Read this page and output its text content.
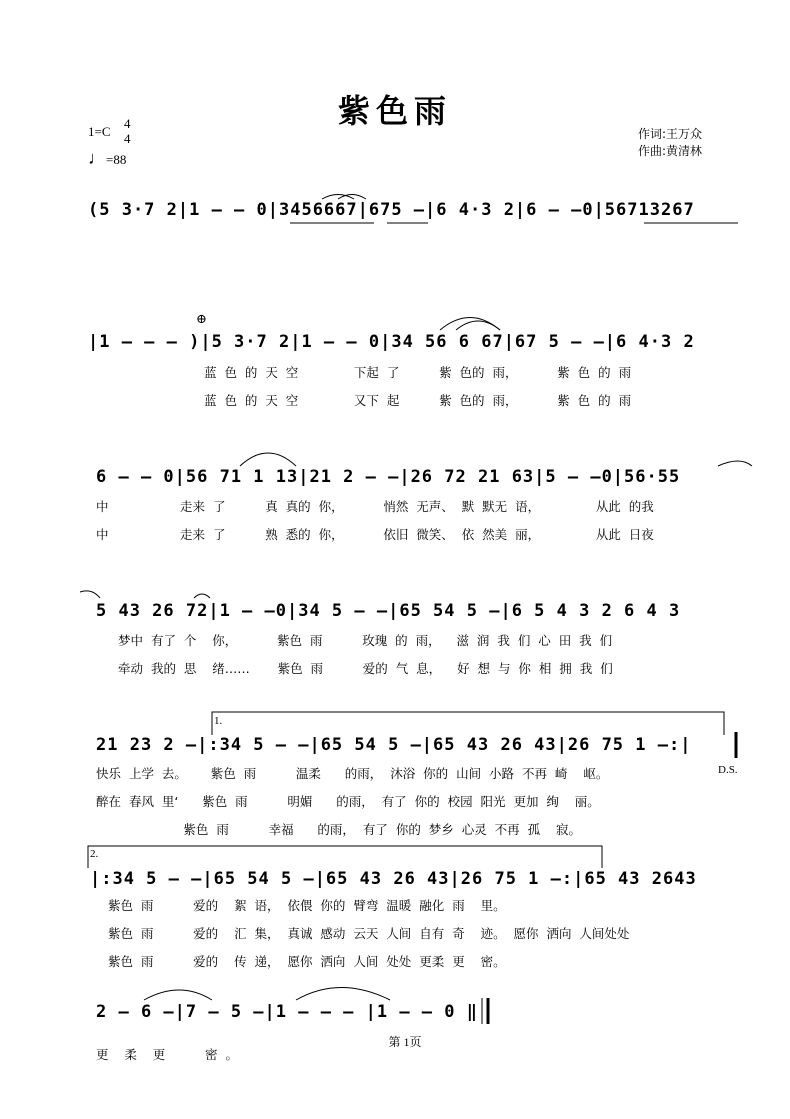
紫色雨
1=C
4
4
♩=88
作词:王万众
作曲:黄清林
(5 3·7 2|1 – – 0|3456667|675 –|6 4·3 2|6 – –0|56713267
⊕
|1 – – – )|5 3·7 2|1 – – 0|34 56 6 67|67 5 – –|6 4·3 2
蓝  色  的  天  空              下起  了          紫  色的  雨，          紫  色  的  雨
蓝  色  的  天  空              又下  起          紫  色的  雨，          紫  色  的  雨
6 – – 0|56 71 1 13|21 2 – –|26 72 21 63|5 – –0|56·55
中                  走来  了          真  真的  你，          悄然  无声、  默  默无  语，              从此  的我
中                  走来  了          熟  悉的  你，          依旧  微笑、  依  然美  丽，              从此  日夜
5 43 26 72|1 – –0|34 5 – –|65 54 5 –|6 5 4 3 2 6 4 3
梦中  有了  个    你，          紫色  雨          玫瑰  的  雨，    滋  润  我  们  心  田  我  们
牵动  我的  思    绪……       紫色  雨          爱的  气  息，    好  想  与  你  相  拥  我  们
1.
21 23 2 –|:34 5 – –|65 54 5 –|65 43 26 43|26 75 1 –:|
D.S.
快乐  上学  去。      紫色  雨          温柔      的雨，  沐浴  你的  山间  小路  不再  崎    岖。
醉在  春风  里‘      紫色  雨          明媚      的雨，  有了  你的  校园  阳光  更加  绚    丽。
紫色  雨          幸福      的雨，  有了  你的  梦乡  心灵  不再  孤    寂。
2.
|:34 5 – –|65 54 5 –|65 43 26 43|26 75 1 –:|65 43 2643
紫色  雨          爱的    絮  语，  依偎  你的  臂弯  温暖  融化  雨    里。
紫色  雨          爱的    汇  集，  真诚  感动  云天  人间  自有  奇    迹。  愿你  洒向  人间处处
紫色  雨          爱的    传  递，  愿你  洒向  人间  处处  更柔  更    密。
2 – 6 –|7 – 5 –|1 – – – |1 – – 0 ‖
更    柔    更          密  。
第 1页
